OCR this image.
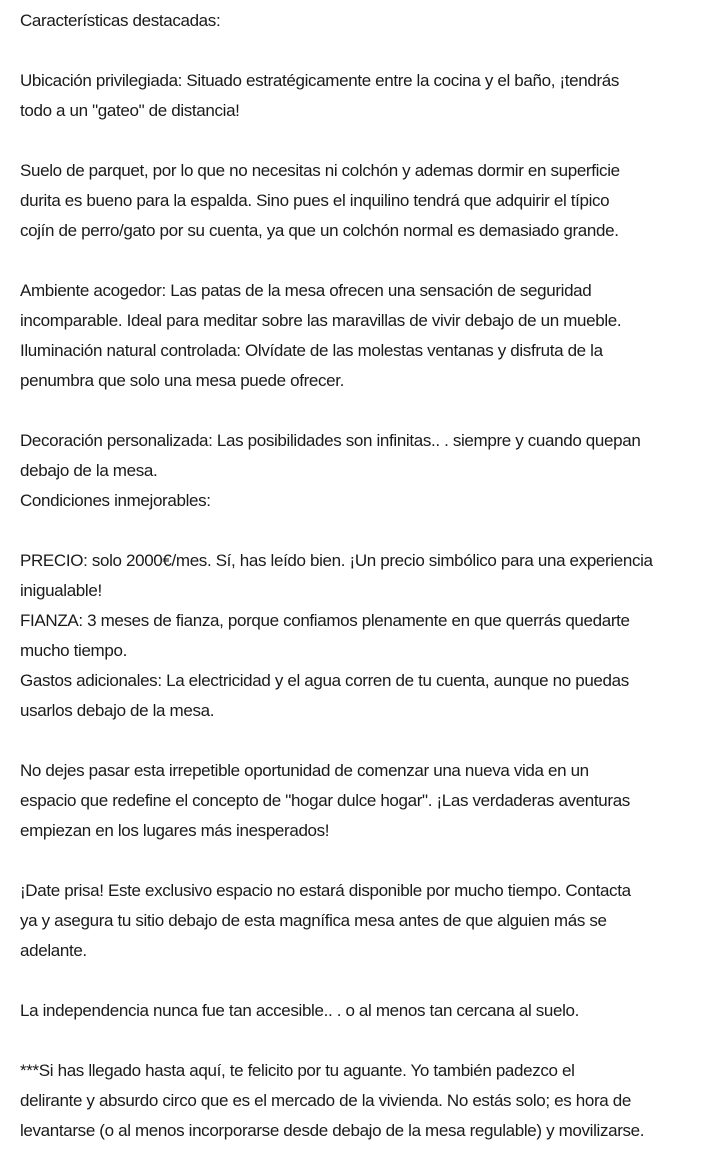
Características destacadas:
Ubicación privilegiada: Situado estratégicamente entre la cocina y el baño, ¡tendrás
todo a un "gateo" de distancia!
Suelo de parquet, por lo que no necesitas ni colchón y ademas dormir en superficie
durita es bueno para la espalda. Sino pues el inquilino tendrá que adquirir el típico
cojín de perro/gato por su cuenta, ya que un colchón normal es demasiado grande.
Ambiente acogedor: Las patas de la mesa ofrecen una sensación de seguridad
incomparable. Ideal para meditar sobre las maravillas de vivir debajo de un mueble.
Iluminación natural controlada: Olvídate de las molestas ventanas y disfruta de la
penumbra que solo una mesa puede ofrecer.
Decoración personalizada: Las posibilidades son infinitas.. . siempre y cuando quepan
debajo de la mesa.
Condiciones inmejorables:
PRECIO: solo 2000€/mes. Sí, has leído bien. ¡Un precio simbólico para una experiencia
inigualable!
FIANZA: 3 meses de fianza, porque confiamos plenamente en que querrás quedarte
mucho tiempo.
Gastos adicionales: La electricidad y el agua corren de tu cuenta, aunque no puedas
usarlos debajo de la mesa.
No dejes pasar esta irrepetible oportunidad de comenzar una nueva vida en un
espacio que redefine el concepto de "hogar dulce hogar". ¡Las verdaderas aventuras
empiezan en los lugares más inesperados!
¡Date prisa! Este exclusivo espacio no estará disponible por mucho tiempo. Contacta
ya y asegura tu sitio debajo de esta magnífica mesa antes de que alguien más se
adelante.
La independencia nunca fue tan accesible.. . o al menos tan cercana al suelo.
***Si has llegado hasta aquí, te felicito por tu aguante. Yo también padezco el
delirante y absurdo circo que es el mercado de la vivienda. No estás solo; es hora de
levantarse (o al menos incorporarse desde debajo de la mesa regulable) y movilizarse.
